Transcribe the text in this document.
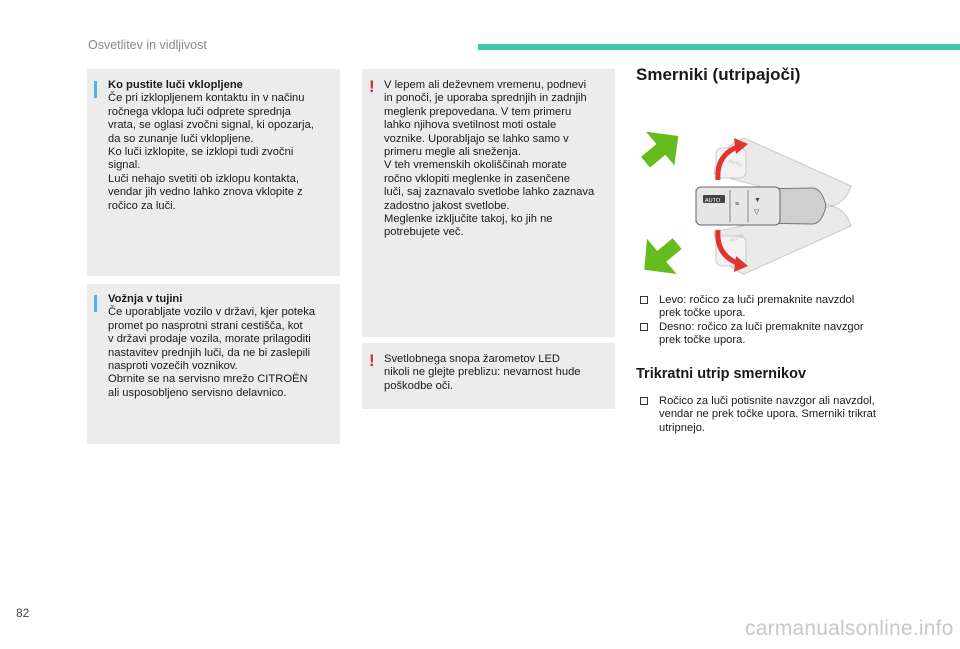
Osvetlitev in vidljivost

Ko pustite luči vklopljene

Če pri izklopljenem kontaktu in v načinu

ročnega vklopa luči odprete sprednja

vrata, se oglasi zvočni signal, ki opozarja,

da so zunanje luči vklopljene.

Ko luči izklopite, se izklopi tudi zvočni

signal.

Luči nehajo svetiti ob izklopu kontakta,

vendar jih vedno lahko znova vklopite z

ročico za luči.

Vožnja v tujini

Če uporabljate vozilo v državi, kjer poteka

promet po nasprotni strani cestišča, kot

v državi prodaje vozila, morate prilagoditi

nastavitev prednjih luči, da ne bi zaslepili

nasproti vozečih voznikov.

Obrnite se na servisno mrežo CITROËN

ali usposobljeno servisno delavnico.

! V lepem ali deževnem vremenu, podnevi

in ponoči, je uporaba sprednjih in zadnjih

meglenk prepovedana. V tem primeru

lahko njihova svetilnost moti ostale

voznike. Uporabljajo se lahko samo v

primeru megle ali sneženja.

V teh vremenskih okoliščinah morate

ročno vklopiti meglenke in zasenčene

luči, saj zaznavalo svetlobe lahko zaznava

zadostno jakost svetlobe.

Meglenke izključite takoj, ko jih ne

potrebujete več.

! Svetlobnega snopa žarometov LED

nikoli ne glejte preblizu: nevarnost hude

poškodbe oči.

Smerniki (utripajoči)
AUTO
AUTO
AUTO	▼
▽
≡

Levo: ročico za luči premaknite navzdol

prek točke upora.

Desno: ročico za luči premaknite navzgor

prek točke upora.

Trikratni utrip smernikov

Ročico za luči potisnite navzgor ali navzdol,

vendar ne prek točke upora. Smerniki trikrat

utripnejo.

82
carmanualsonline.info
